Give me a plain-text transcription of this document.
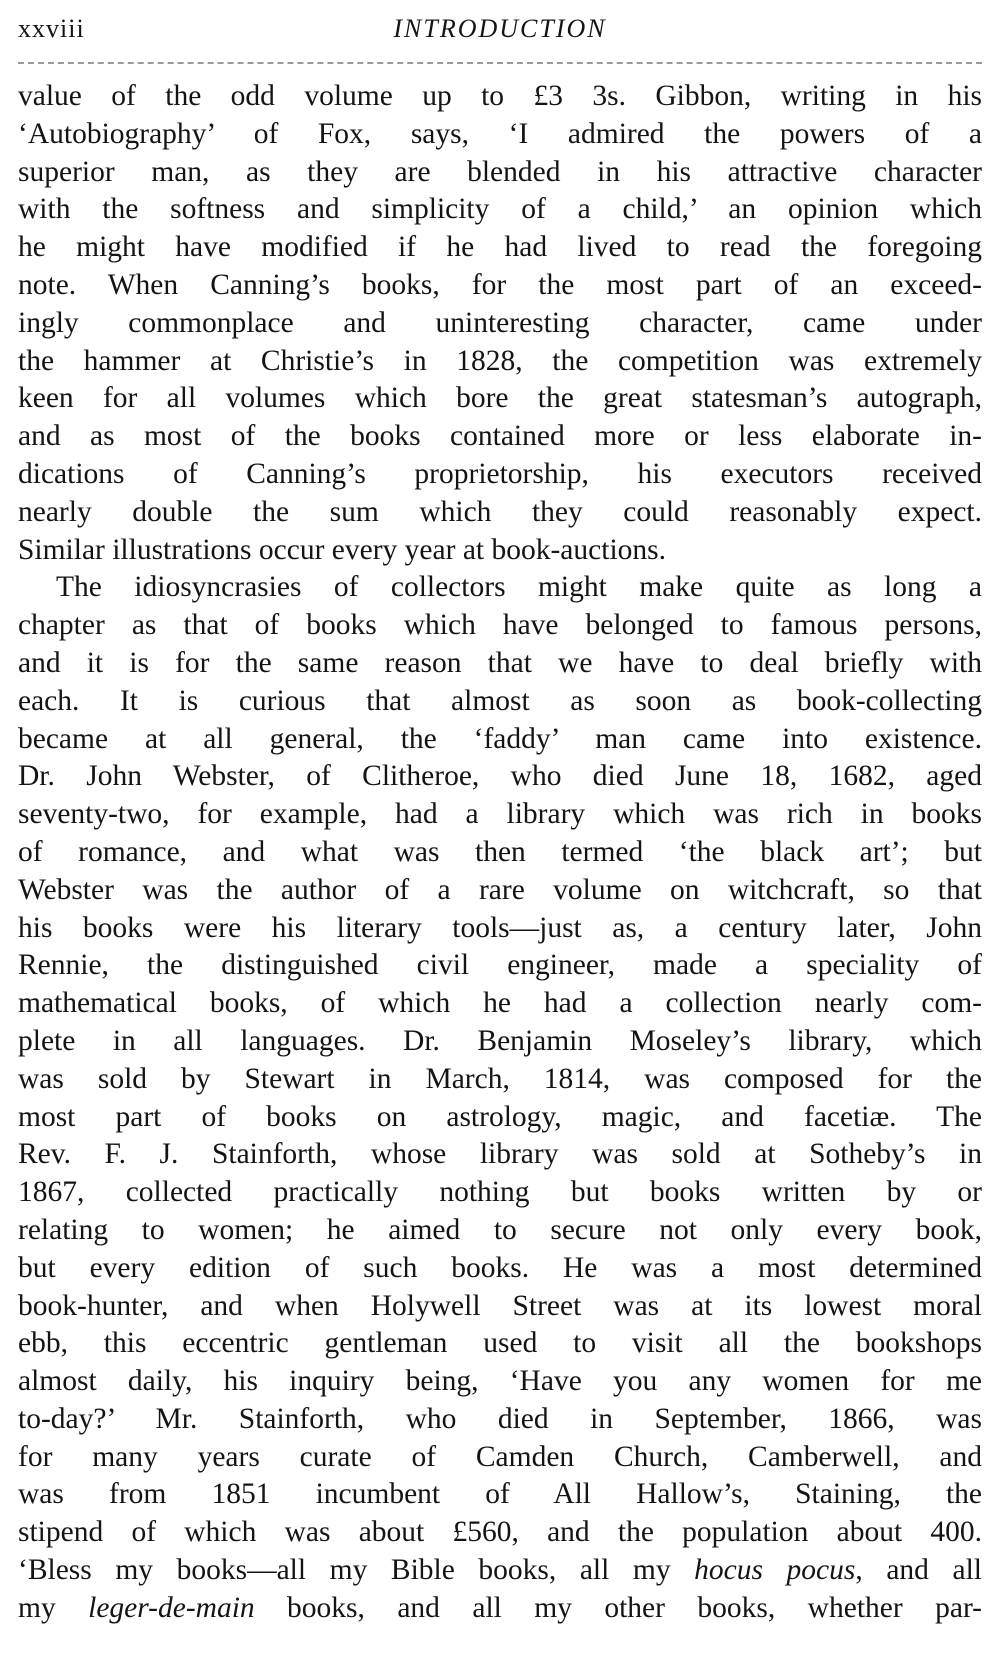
xxviii	INTRODUCTION
value of the odd volume up to £3 3s. Gibbon, writing in his
‘Autobiography’ of Fox, says, ‘I admired the powers of a
superior man, as they are blended in his attractive character
with the softness and simplicity of a child,’ an opinion which
he might have modified if he had lived to read the foregoing
note. When Canning’s books, for the most part of an exceed-
ingly commonplace and uninteresting character, came under
the hammer at Christie’s in 1828, the competition was extremely
keen for all volumes which bore the great statesman’s autograph,
and as most of the books contained more or less elaborate in-
dications of Canning’s proprietorship, his executors received
nearly double the sum which they could reasonably expect.
Similar illustrations occur every year at book-auctions.
The idiosyncrasies of collectors might make quite as long a
chapter as that of books which have belonged to famous persons,
and it is for the same reason that we have to deal briefly with
each. It is curious that almost as soon as book-collecting
became at all general, the ‘faddy’ man came into existence.
Dr. John Webster, of Clitheroe, who died June 18, 1682, aged
seventy-two, for example, had a library which was rich in books
of romance, and what was then termed ‘the black art’; but
Webster was the author of a rare volume on witchcraft, so that
his books were his literary tools—just as, a century later, John
Rennie, the distinguished civil engineer, made a speciality of
mathematical books, of which he had a collection nearly com-
plete in all languages. Dr. Benjamin Moseley’s library, which
was sold by Stewart in March, 1814, was composed for the
most part of books on astrology, magic, and facetiæ. The
Rev. F. J. Stainforth, whose library was sold at Sotheby’s in
1867, collected practically nothing but books written by or
relating to women; he aimed to secure not only every book,
but every edition of such books. He was a most determined
book-hunter, and when Holywell Street was at its lowest moral
ebb, this eccentric gentleman used to visit all the bookshops
almost daily, his inquiry being, ‘Have you any women for me
to-day?’ Mr. Stainforth, who died in September, 1866, was
for many years curate of Camden Church, Camberwell, and
was from 1851 incumbent of All Hallow’s, Staining, the
stipend of which was about £560, and the population about 400.
‘Bless my books—all my Bible books, all my hocus pocus, and all
my leger-de-main books, and all my other books, whether par-
